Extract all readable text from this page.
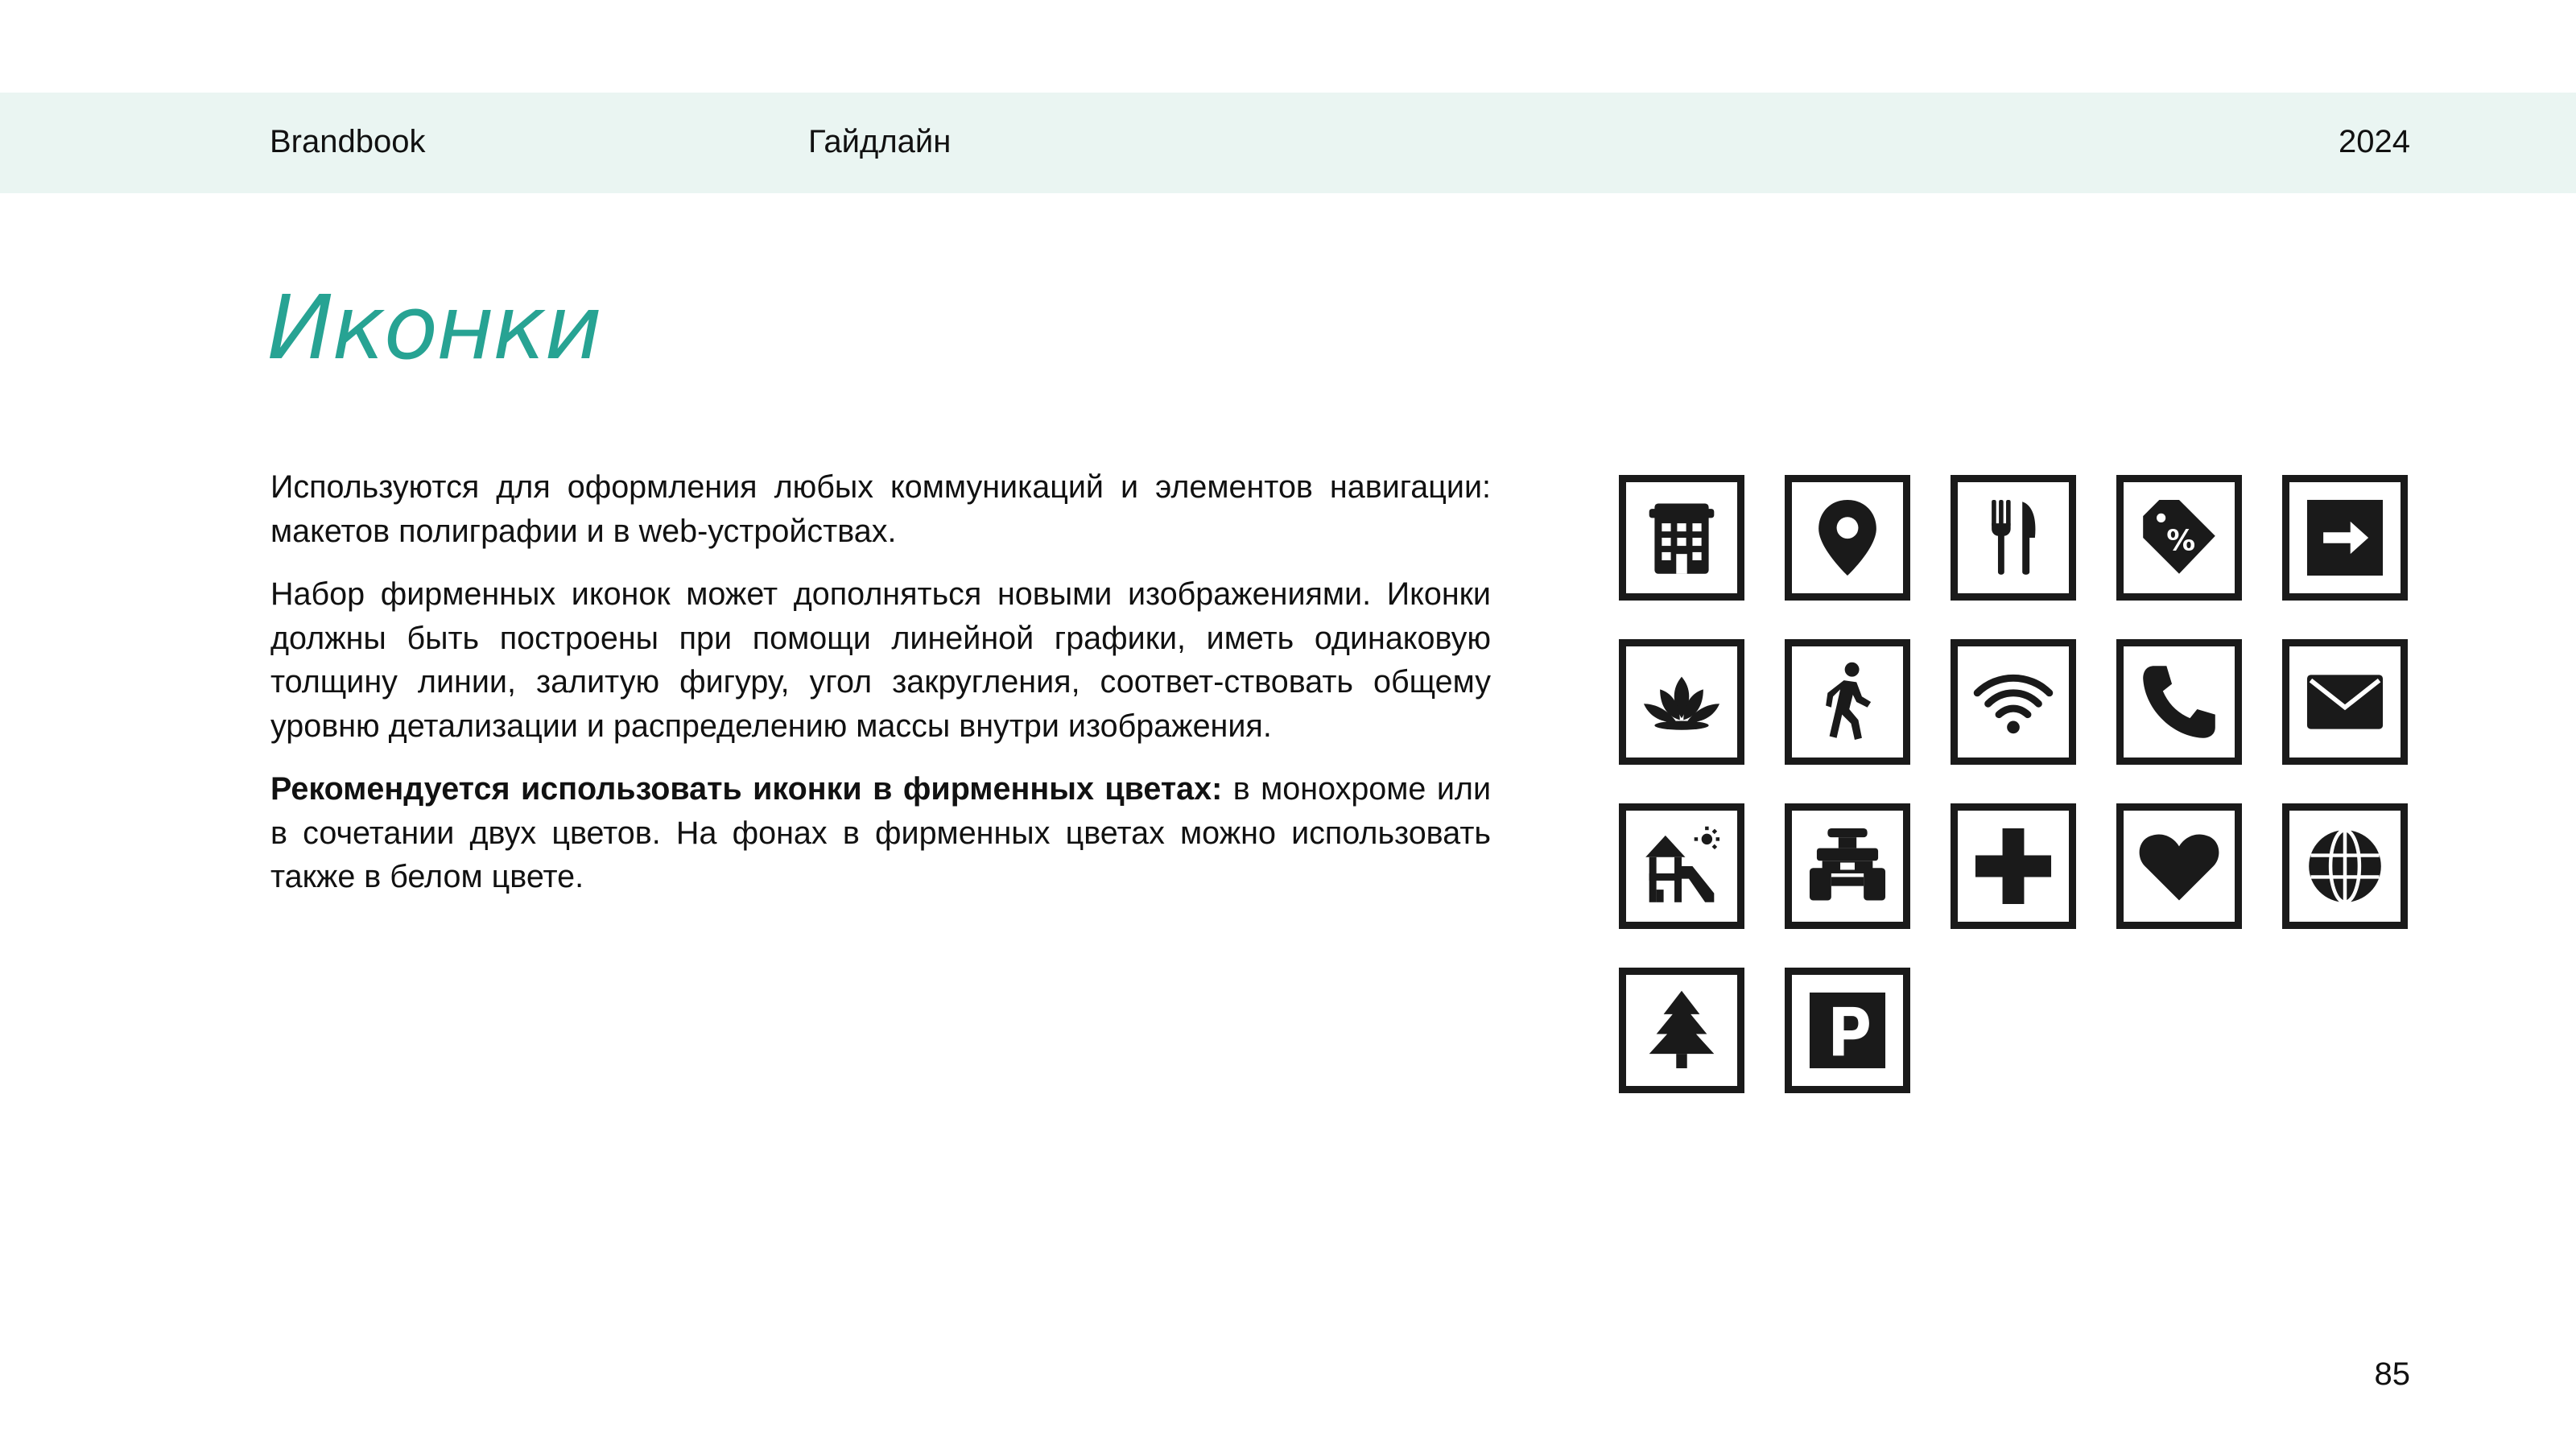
Brandbook	Гайдлайн	2024
Иконки

Используются для оформления любых коммуникаций и элементов навигации: макетов полиграфии и в web-устройствах.

Набор фирменных иконок может дополняться новыми изображениями. Иконки должны быть построены при помощи линейной графики, иметь одинаковую толщину линии, залитую фигуру, угол закругления, соответ-ствовать общему уровню детализации и распределению массы внутри изображения.

Рекомендуется использовать иконки в фирменных цветах: в монохроме или в сочетании двух цветов. На фонах в фирменных цветах можно использовать также в белом цвете.

%
85
